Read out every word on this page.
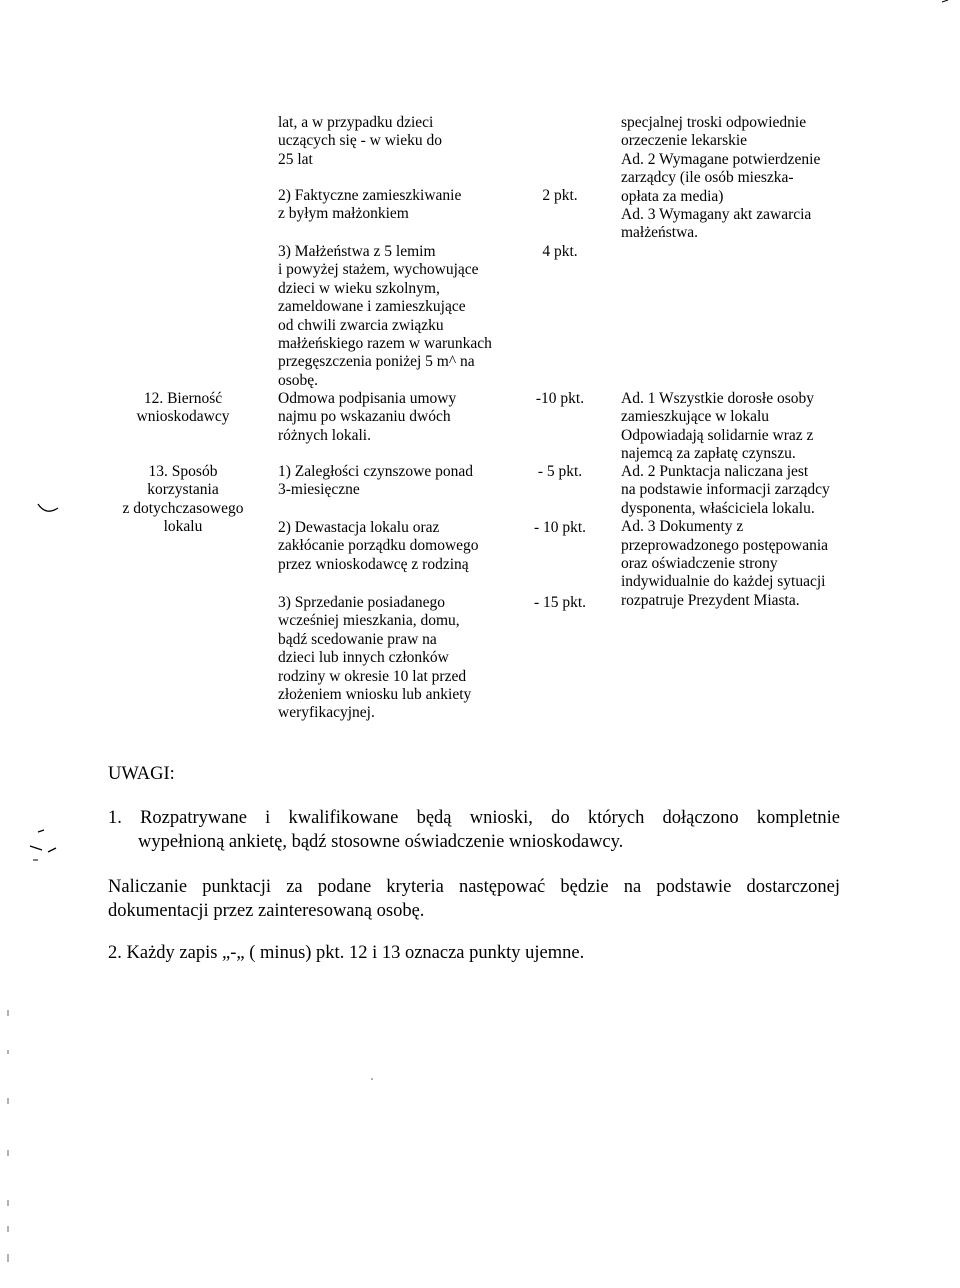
lat, a w przypadku dzieci
uczących się - w wieku do
25 lat
2) Faktyczne zamieszkiwanie
z byłym małżonkiem
3) Małżeństwa z 5 lemim
i powyżej stażem, wychowujące
dzieci w wieku szkolnym,
zameldowane i zamieszkujące
od chwili zwarcia związku
małżeńskiego razem w warunkach
przegęszczenia poniżej 5 m^ na
osobę.
Odmowa podpisania umowy
najmu po wskazaniu dwóch
różnych lokali.
1) Zaległości czynszowe ponad
3-miesięczne
2) Dewastacja lokalu oraz
zakłócanie porządku domowego
przez wnioskodawcę z rodziną
3) Sprzedanie posiadanego
wcześniej mieszkania, domu,
bądź scedowanie praw na
dzieci lub innych członków
rodziny w okresie 10 lat przed
złożeniem wniosku lub ankiety
weryfikacyjnej.
12. Bierność
wnioskodawcy
13. Sposób
korzystania
z dotychczasowego
lokalu
2 pkt.
4 pkt.
-10 pkt.
- 5 pkt.
- 10 pkt.
- 15 pkt.
specjalnej troski odpowiednie
orzeczenie lekarskie
Ad. 2 Wymagane potwierdzenie
zarządcy (ile osób mieszka-
opłata za media)
Ad. 3 Wymagany akt zawarcia
małżeństwa.
Ad. 1 Wszystkie dorosłe osoby
zamieszkujące w lokalu
Odpowiadają solidarnie wraz z
najemcą za zapłatę czynszu.
Ad. 2 Punktacja naliczana jest
na podstawie informacji zarządcy
dysponenta, właściciela lokalu.
Ad. 3 Dokumenty z
przeprowadzonego postępowania
oraz oświadczenie strony
indywidualnie do każdej sytuacji
rozpatruje Prezydent Miasta.
UWAGI:
1. Rozpatrywane i kwalifikowane będą wnioski, do których dołączono kompletnie
wypełnioną ankietę, bądź stosowne oświadczenie wnioskodawcy.
Naliczanie punktacji za podane kryteria następować będzie na podstawie dostarczonej
dokumentacji przez zainteresowaną osobę.
2. Każdy zapis „-„ ( minus) pkt. 12 i 13 oznacza punkty ujemne.
